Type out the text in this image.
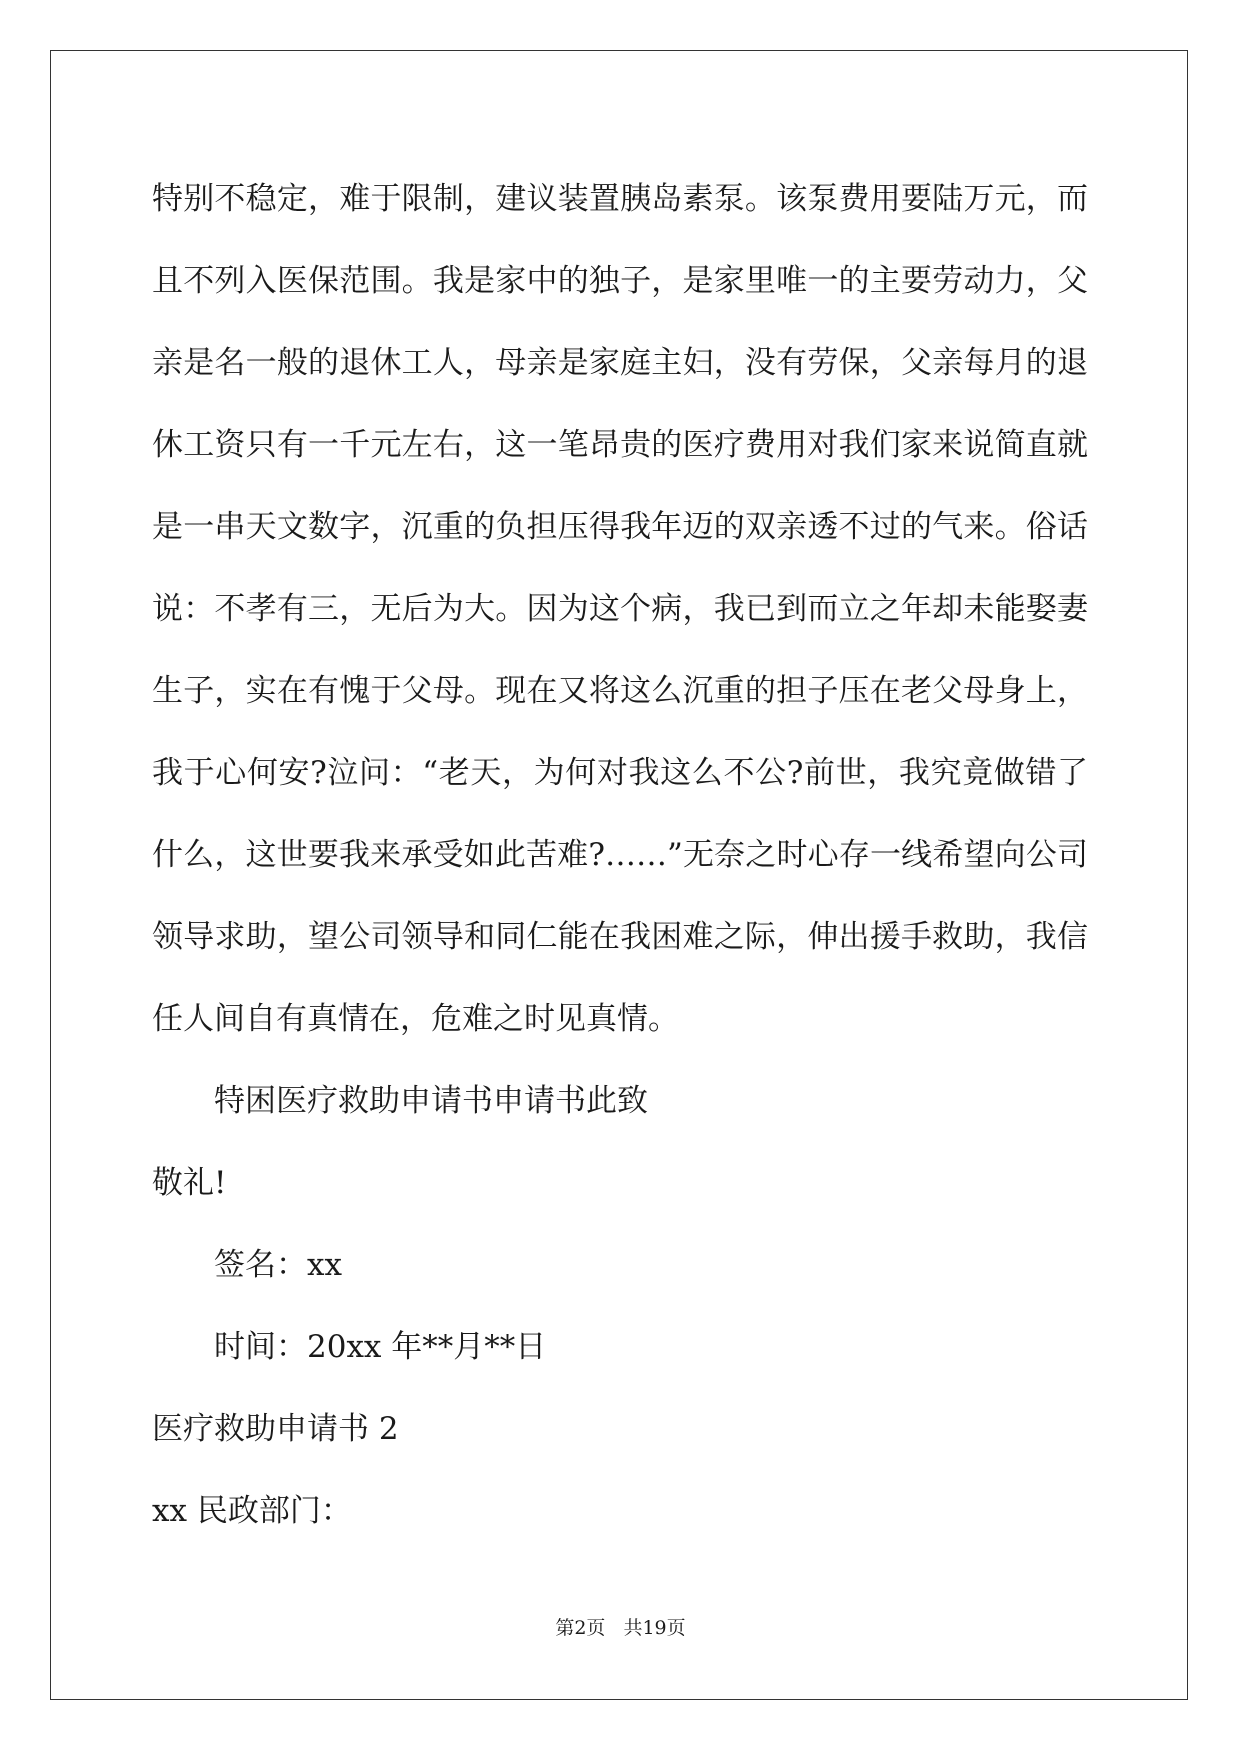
特别不稳定，难于限制，建议装置胰岛素泵。该泵费用要陆万元，而
且不列入医保范围。我是家中的独子，是家里唯一的主要劳动力，父
亲是名一般的退休工人，母亲是家庭主妇，没有劳保，父亲每月的退
休工资只有一千元左右，这一笔昂贵的医疗费用对我们家来说简直就
是一串天文数字，沉重的负担压得我年迈的双亲透不过的气来。俗话
说：不孝有三，无后为大。因为这个病，我已到而立之年却未能娶妻
生子，实在有愧于父母。现在又将这么沉重的担子压在老父母身上，
我于心何安?泣问：“老天，为何对我这么不公?前世，我究竟做错了
什么，这世要我来承受如此苦难?……”无奈之时心存一线希望向公司
领导求助，望公司领导和同仁能在我困难之际，伸出援手救助，我信
任人间自有真情在，危难之时见真情。
特困医疗救助申请书申请书此致
敬礼!
签名：xx
时间：20xx 年**月**日
医疗救助申请书 2
xx 民政部门：
第2页 共19页
